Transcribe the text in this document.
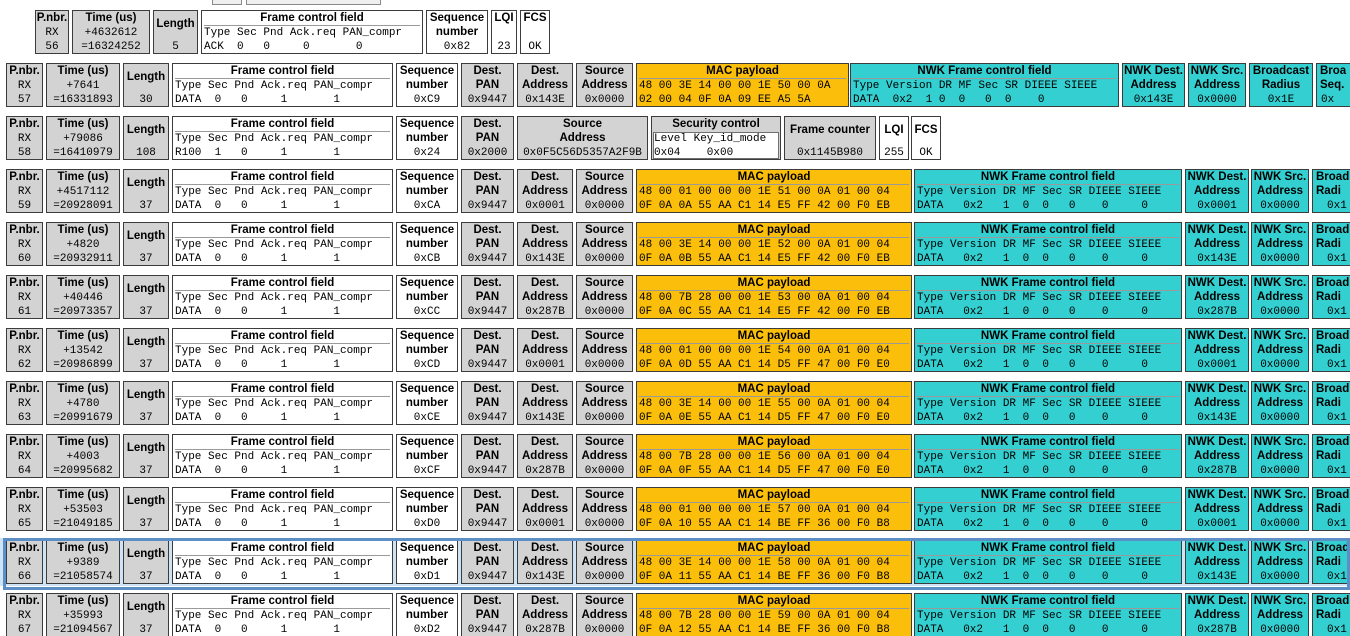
P.nbr.
RX
56
Time (us)
+4632612
=16324252
Length
5
Frame control field
Type Sec Pnd Ack.req PAN_compr
ACK  0   0     0       0
Sequence
number
0x82
LQI
23
FCS
OK
P.nbr.
RX
57
Time (us)
+7641
=16331893
Length
30
Frame control field
Type Sec Pnd Ack.req PAN_compr
DATA  0   0     1       1
Sequence
number
0xC9
Dest.
PAN
0x9447
Dest.
Address
0x143E
Source
Address
0x0000
MAC payload
48 00 3E 14 00 00 1E 50 00 0A
02 00 04 0F 0A 09 EE A5 5A
NWK Frame control field
Type Version DR MF Sec SR DIEEE SIEEE
DATA  0x2  1 0  0   0  0    0
NWK Dest.
Address
0x143E
NWK Src.
Address
0x0000
Broadcast
Radius
0x1E
Broa
Seq.
0x
P.nbr.
RX
58
Time (us)
+79086
=16410979
Length
108
Frame control field
Type Sec Pnd Ack.req PAN_compr
R100  1   0     1       1
Sequence
number
0x24
Dest.
PAN
0x2000
Source
Address
0x0F5C56D5357A2F9B
Security control
Level Key_id_mode
0x04    0x00
Frame counter
0x1145B980
LQI
255
FCS
OK
P.nbr.
RX
59
Time (us)
+4517112
=20928091
Length
37
Frame control field
Type Sec Pnd Ack.req PAN_compr
DATA  0   0     1       1
Sequence
number
0xCA
Dest.
PAN
0x9447
Dest.
Address
0x0001
Source
Address
0x0000
MAC payload
48 00 01 00 00 00 1E 51 00 0A 01 00 04
0F 0A 0A 55 AA C1 14 E5 FF 42 00 F0 EB
NWK Frame control field
Type Version DR MF Sec SR DIEEE SIEEE
DATA   0x2   1  0  0   0    0     0
NWK Dest.
Address
0x0001
NWK Src.
Address
0x0000
Broad
Radi
0x1
P.nbr.
RX
60
Time (us)
+4820
=20932911
Length
37
Frame control field
Type Sec Pnd Ack.req PAN_compr
DATA  0   0     1       1
Sequence
number
0xCB
Dest.
PAN
0x9447
Dest.
Address
0x143E
Source
Address
0x0000
MAC payload
48 00 3E 14 00 00 1E 52 00 0A 01 00 04
0F 0A 0B 55 AA C1 14 E5 FF 42 00 F0 EB
NWK Frame control field
Type Version DR MF Sec SR DIEEE SIEEE
DATA   0x2   1  0  0   0    0     0
NWK Dest.
Address
0x143E
NWK Src.
Address
0x0000
Broad
Radi
0x1
P.nbr.
RX
61
Time (us)
+40446
=20973357
Length
37
Frame control field
Type Sec Pnd Ack.req PAN_compr
DATA  0   0     1       1
Sequence
number
0xCC
Dest.
PAN
0x9447
Dest.
Address
0x287B
Source
Address
0x0000
MAC payload
48 00 7B 28 00 00 1E 53 00 0A 01 00 04
0F 0A 0C 55 AA C1 14 E5 FF 42 00 F0 EB
NWK Frame control field
Type Version DR MF Sec SR DIEEE SIEEE
DATA   0x2   1  0  0   0    0     0
NWK Dest.
Address
0x287B
NWK Src.
Address
0x0000
Broad
Radi
0x1
P.nbr.
RX
62
Time (us)
+13542
=20986899
Length
37
Frame control field
Type Sec Pnd Ack.req PAN_compr
DATA  0   0     1       1
Sequence
number
0xCD
Dest.
PAN
0x9447
Dest.
Address
0x0001
Source
Address
0x0000
MAC payload
48 00 01 00 00 00 1E 54 00 0A 01 00 04
0F 0A 0D 55 AA C1 14 D5 FF 47 00 F0 E0
NWK Frame control field
Type Version DR MF Sec SR DIEEE SIEEE
DATA   0x2   1  0  0   0    0     0
NWK Dest.
Address
0x0001
NWK Src.
Address
0x0000
Broad
Radi
0x1
P.nbr.
RX
63
Time (us)
+4780
=20991679
Length
37
Frame control field
Type Sec Pnd Ack.req PAN_compr
DATA  0   0     1       1
Sequence
number
0xCE
Dest.
PAN
0x9447
Dest.
Address
0x143E
Source
Address
0x0000
MAC payload
48 00 3E 14 00 00 1E 55 00 0A 01 00 04
0F 0A 0E 55 AA C1 14 D5 FF 47 00 F0 E0
NWK Frame control field
Type Version DR MF Sec SR DIEEE SIEEE
DATA   0x2   1  0  0   0    0     0
NWK Dest.
Address
0x143E
NWK Src.
Address
0x0000
Broad
Radi
0x1
P.nbr.
RX
64
Time (us)
+4003
=20995682
Length
37
Frame control field
Type Sec Pnd Ack.req PAN_compr
DATA  0   0     1       1
Sequence
number
0xCF
Dest.
PAN
0x9447
Dest.
Address
0x287B
Source
Address
0x0000
MAC payload
48 00 7B 28 00 00 1E 56 00 0A 01 00 04
0F 0A 0F 55 AA C1 14 D5 FF 47 00 F0 E0
NWK Frame control field
Type Version DR MF Sec SR DIEEE SIEEE
DATA   0x2   1  0  0   0    0     0
NWK Dest.
Address
0x287B
NWK Src.
Address
0x0000
Broad
Radi
0x1
P.nbr.
RX
65
Time (us)
+53503
=21049185
Length
37
Frame control field
Type Sec Pnd Ack.req PAN_compr
DATA  0   0     1       1
Sequence
number
0xD0
Dest.
PAN
0x9447
Dest.
Address
0x0001
Source
Address
0x0000
MAC payload
48 00 01 00 00 00 1E 57 00 0A 01 00 04
0F 0A 10 55 AA C1 14 BE FF 36 00 F0 B8
NWK Frame control field
Type Version DR MF Sec SR DIEEE SIEEE
DATA   0x2   1  0  0   0    0     0
NWK Dest.
Address
0x0001
NWK Src.
Address
0x0000
Broad
Radi
0x1
P.nbr.
RX
66
Time (us)
+9389
=21058574
Length
37
Frame control field
Type Sec Pnd Ack.req PAN_compr
DATA  0   0     1       1
Sequence
number
0xD1
Dest.
PAN
0x9447
Dest.
Address
0x143E
Source
Address
0x0000
MAC payload
48 00 3E 14 00 00 1E 58 00 0A 01 00 04
0F 0A 11 55 AA C1 14 BE FF 36 00 F0 B8
NWK Frame control field
Type Version DR MF Sec SR DIEEE SIEEE
DATA   0x2   1  0  0   0    0     0
NWK Dest.
Address
0x143E
NWK Src.
Address
0x0000
Broad
Radi
0x1
P.nbr.
RX
67
Time (us)
+35993
=21094567
Length
37
Frame control field
Type Sec Pnd Ack.req PAN_compr
DATA  0   0     1       1
Sequence
number
0xD2
Dest.
PAN
0x9447
Dest.
Address
0x287B
Source
Address
0x0000
MAC payload
48 00 7B 28 00 00 1E 59 00 0A 01 00 04
0F 0A 12 55 AA C1 14 BE FF 36 00 F0 B8
NWK Frame control field
Type Version DR MF Sec SR DIEEE SIEEE
DATA   0x2   1  0  0   0    0     0
NWK Dest.
Address
0x287B
NWK Src.
Address
0x0000
Broad
Radi
0x1
